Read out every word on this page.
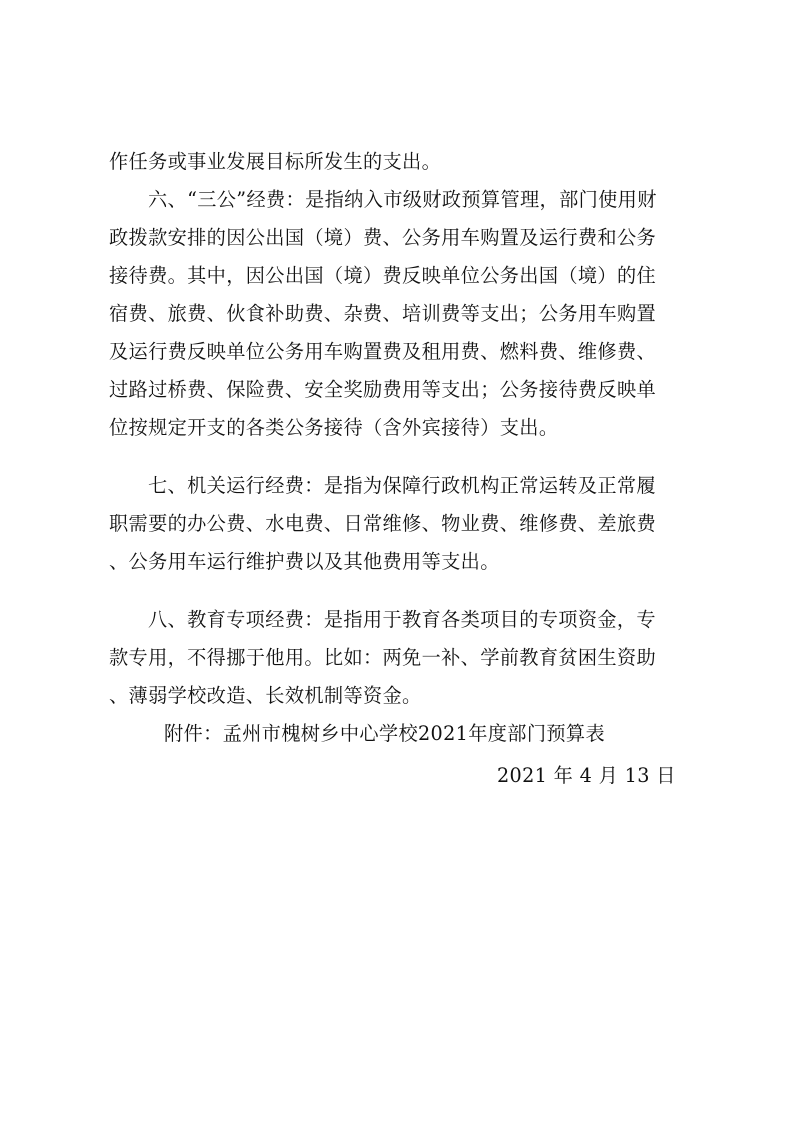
作任务或事业发展目标所发生的支出。
六、“三公”经费：是指纳入市级财政预算管理，部门使用财
政拨款安排的因公出国（境）费、公务用车购置及运行费和公务
接待费。其中，因公出国（境）费反映单位公务出国（境）的住
宿费、旅费、伙食补助费、杂费、培训费等支出；公务用车购置
及运行费反映单位公务用车购置费及租用费、燃料费、维修费、
过路过桥费、保险费、安全奖励费用等支出；公务接待费反映单
位按规定开支的各类公务接待（含外宾接待）支出。
七、机关运行经费：是指为保障行政机构正常运转及正常履
职需要的办公费、水电费、日常维修、物业费、维修费、差旅费
、公务用车运行维护费以及其他费用等支出。
八、教育专项经费：是指用于教育各类项目的专项资金，专
款专用，不得挪于他用。比如：两免一补、学前教育贫困生资助
、薄弱学校改造、长效机制等资金。
附件：孟州市槐树乡中心学校2021年度部门预算表
2021 年 4 月 13 日
